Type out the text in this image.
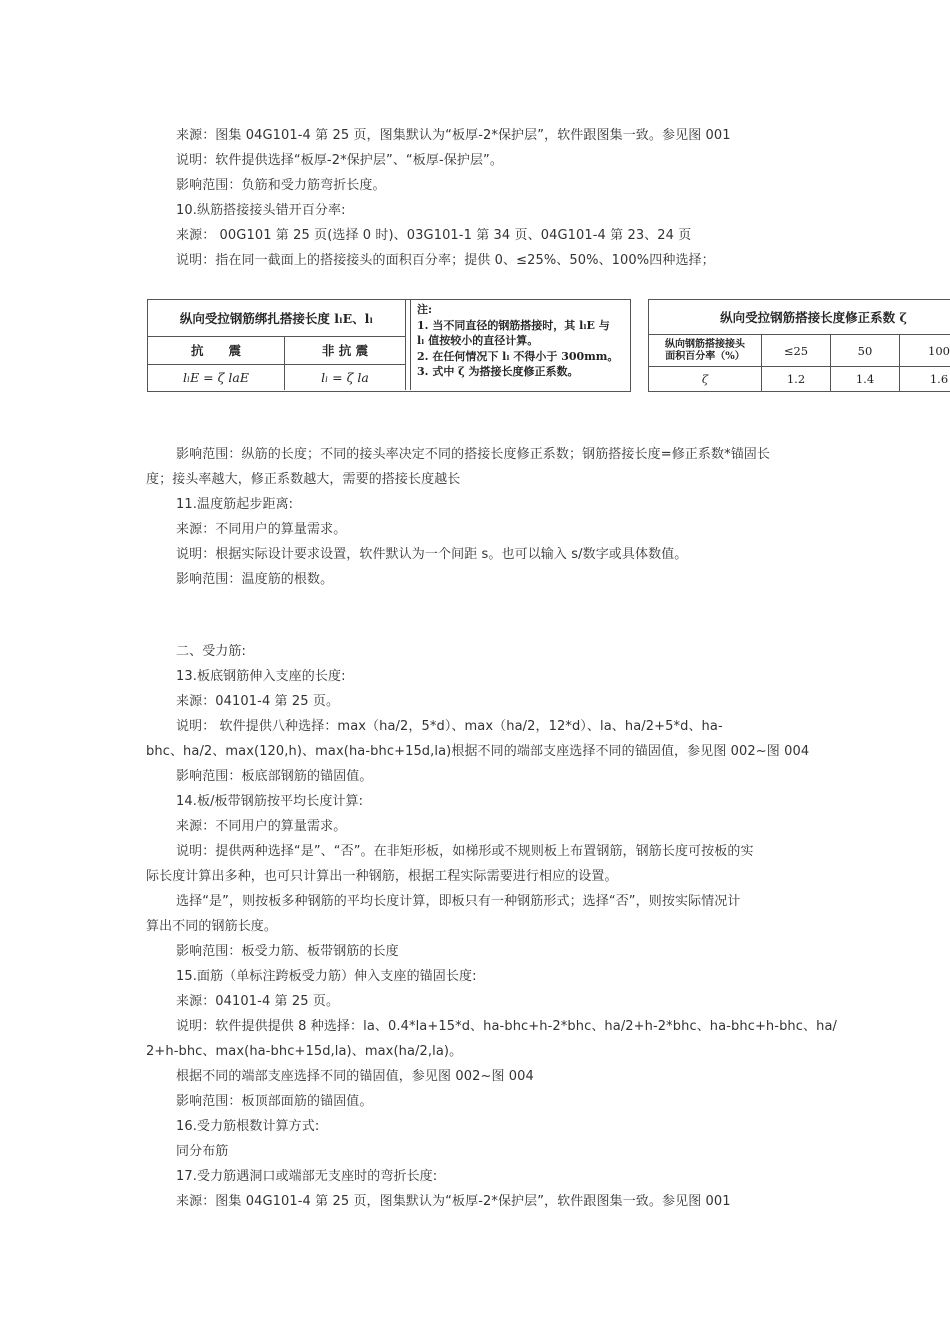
来源：图集 04G101-4 第 25 页，图集默认为“板厚-2*保护层”，软件跟图集一致。参见图 001
说明：软件提供选择“板厚-2*保护层”、“板厚-保护层”。
影响范围：负筋和受力筋弯折长度。
10.纵筋搭接接头错开百分率:
来源： 00G101 第 25 页(选择 0 时)、03G101-1 第 34 页、04G101-4 第 23、24 页
说明：指在同一截面上的搭接接头的面积百分率；提供 0、≤25%、50%、100%四种选择；
影响范围：纵筋的长度；不同的接头率决定不同的搭接长度修正系数；钢筋搭接长度=修正系数*锚固长
度；接头率越大，修正系数越大，需要的搭接长度越长
11.温度筋起步距离:
来源：不同用户的算量需求。
说明：根据实际设计要求设置，软件默认为一个间距 s。也可以输入 s/数字或具体数值。
影响范围：温度筋的根数。
二、受力筋:
13.板底钢筋伸入支座的长度:
来源：04101-4 第 25 页。
说明： 软件提供八种选择：max（ha/2，5*d）、max（ha/2，12*d）、la、ha/2+5*d、ha-
bhc、ha/2、max(120,h)、max(ha-bhc+15d,la)根据不同的端部支座选择不同的锚固值，参见图 002~图 004
影响范围：板底部钢筋的锚固值。
14.板/板带钢筋按平均长度计算:
来源：不同用户的算量需求。
说明：提供两种选择“是”、“否”。在非矩形板，如梯形或不规则板上布置钢筋，钢筋长度可按板的实
际长度计算出多种，也可只计算出一种钢筋，根据工程实际需要进行相应的设置。
选择“是”，则按板多种钢筋的平均长度计算，即板只有一种钢筋形式；选择“否”，则按实际情况计
算出不同的钢筋长度。
影响范围：板受力筋、板带钢筋的长度
15.面筋（单标注跨板受力筋）伸入支座的锚固长度:
来源：04101-4 第 25 页。
说明：软件提供提供 8 种选择：la、0.4*la+15*d、ha-bhc+h-2*bhc、ha/2+h-2*bhc、ha-bhc+h-bhc、ha/
2+h-bhc、max(ha-bhc+15d,la)、max(ha/2,la)。
根据不同的端部支座选择不同的锚固值，参见图 002~图 004
影响范围：板顶部面筋的锚固值。
16.受力筋根数计算方式:
同分布筋
17.受力筋遇洞口或端部无支座时的弯折长度:
来源：图集 04G101-4 第 25 页，图集默认为“板厚-2*保护层”，软件跟图集一致。参见图 001
纵向受拉钢筋绑扎搭接长度 lₗE、lₗ	
抗　　震	非 抗 震
lₗE = ζ laE	lₗ = ζ la
注:
1. 当不同直径的钢筋搭接时，其 lₗE 与
lₗ 值按较小的直径计算。
2. 在任何情况下 lₗ 不得小于 300mm。
3. 式中 ζ 为搭接长度修正系数。
纵向受拉钢筋搭接长度修正系数 ζ			
纵向钢筋搭接接头
面积百分率（%）	≤25	50	100
ζ	1.2	1.4	1.6
